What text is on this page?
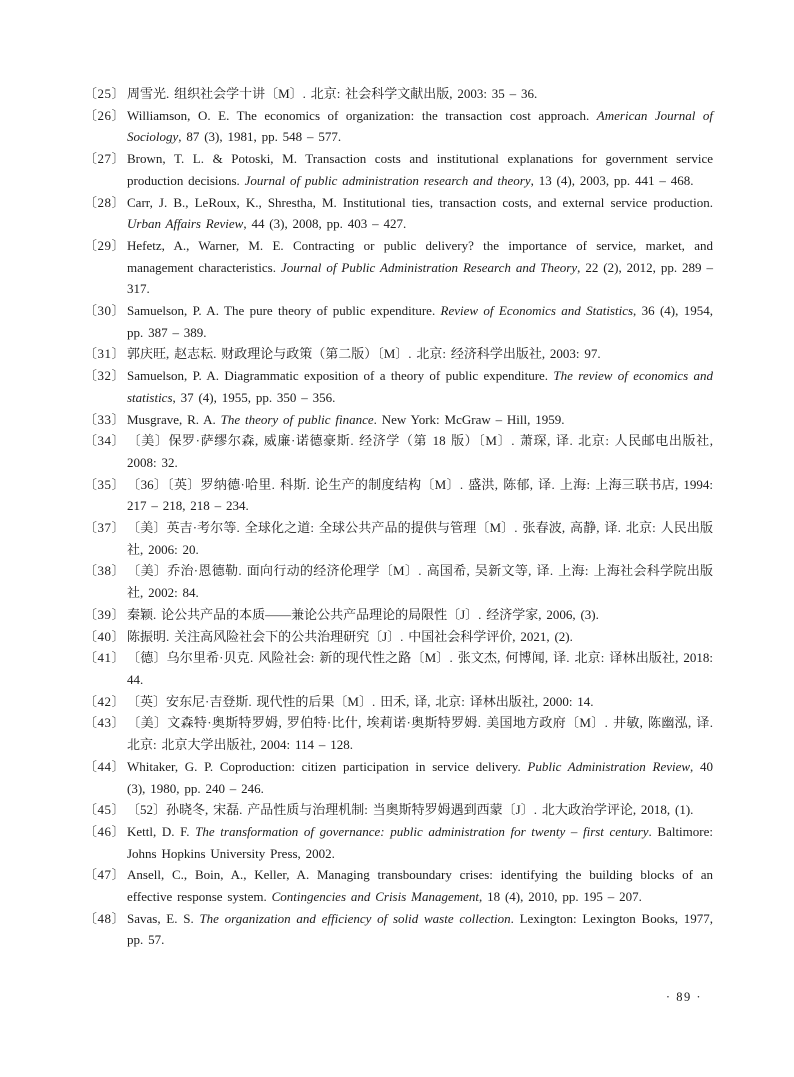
〔25〕 周雪光. 组织社会学十讲〔M〕. 北京: 社会科学文献出版, 2003: 35 – 36.
〔26〕 Williamson, O. E. The economics of organization: the transaction cost approach. American Journal of Sociology, 87 (3), 1981, pp. 548 – 577.
〔27〕 Brown, T. L. & Potoski, M. Transaction costs and institutional explanations for government service production decisions. Journal of public administration research and theory, 13 (4), 2003, pp. 441 – 468.
〔28〕 Carr, J. B., LeRoux, K., Shrestha, M. Institutional ties, transaction costs, and external service production. Urban Affairs Review, 44 (3), 2008, pp. 403 – 427.
〔29〕 Hefetz, A., Warner, M. E. Contracting or public delivery? the importance of service, market, and management characteristics. Journal of Public Administration Research and Theory, 22 (2), 2012, pp. 289 – 317.
〔30〕 Samuelson, P. A. The pure theory of public expenditure. Review of Economics and Statistics, 36 (4), 1954, pp. 387 – 389.
〔31〕 郭庆旺, 赵志耘. 财政理论与政策（第二版）〔M〕. 北京: 经济科学出版社, 2003: 97.
〔32〕 Samuelson, P. A. Diagrammatic exposition of a theory of public expenditure. The review of economics and statistics, 37 (4), 1955, pp. 350 – 356.
〔33〕 Musgrave, R. A. The theory of public finance. New York: McGraw – Hill, 1959.
〔34〕 〔美〕保罗·萨缪尔森, 威廉·诺德豪斯. 经济学（第 18 版）〔M〕. 萧琛, 译. 北京: 人民邮电出版社, 2008: 32.
〔35〕 〔36〕〔英〕罗纳德·哈里. 科斯. 论生产的制度结构〔M〕. 盛洪, 陈郁, 译. 上海: 上海三联书店, 1994: 217 – 218, 218 – 234.
〔37〕 〔美〕英吉·考尔等. 全球化之道: 全球公共产品的提供与管理〔M〕. 张春波, 高静, 译. 北京: 人民出版社, 2006: 20.
〔38〕 〔美〕乔治·恩德勒. 面向行动的经济伦理学〔M〕. 高国希, 吴新文等, 译. 上海: 上海社会科学院出版社, 2002: 84.
〔39〕 秦颖. 论公共产品的本质——兼论公共产品理论的局限性〔J〕. 经济学家, 2006, (3).
〔40〕 陈振明. 关注高风险社会下的公共治理研究〔J〕. 中国社会科学评价, 2021, (2).
〔41〕 〔德〕乌尔里希·贝克. 风险社会: 新的现代性之路〔M〕. 张文杰, 何博闻, 译. 北京: 译林出版社, 2018: 44.
〔42〕 〔英〕安东尼·吉登斯. 现代性的后果〔M〕. 田禾, 译, 北京: 译林出版社, 2000: 14.
〔43〕 〔美〕文森特·奥斯特罗姆, 罗伯特·比什, 埃莉诺·奥斯特罗姆. 美国地方政府〔M〕. 井敏, 陈幽泓, 译. 北京: 北京大学出版社, 2004: 114 – 128.
〔44〕 Whitaker, G. P. Coproduction: citizen participation in service delivery. Public Administration Review, 40 (3), 1980, pp. 240 – 246.
〔45〕 〔52〕孙晓冬, 宋磊. 产品性质与治理机制: 当奥斯特罗姆遇到西蒙〔J〕. 北大政治学评论, 2018, (1).
〔46〕 Kettl, D. F. The transformation of governance: public administration for twenty – first century. Baltimore: Johns Hopkins University Press, 2002.
〔47〕 Ansell, C., Boin, A., Keller, A. Managing transboundary crises: identifying the building blocks of an effective response system. Contingencies and Crisis Management, 18 (4), 2010, pp. 195 – 207.
〔48〕 Savas, E. S. The organization and efficiency of solid waste collection. Lexington: Lexington Books, 1977, pp. 57.
· 89 ·
